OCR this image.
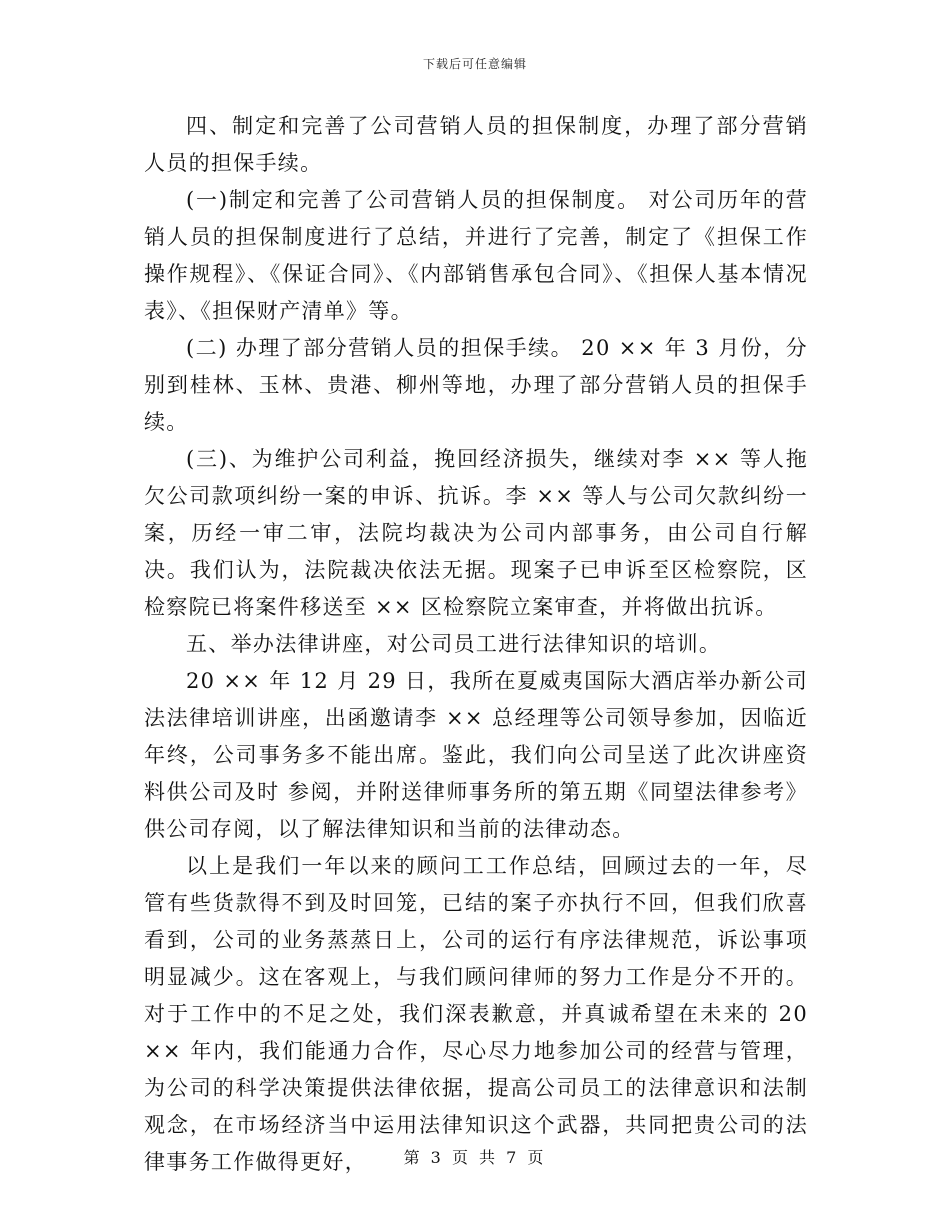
下载后可任意编辑

四、制定和完善了公司营销人员的担保制度，办理了部分营销人员的担保手续。

(一)制定和完善了公司营销人员的担保制度。 对公司历年的营销人员的担保制度进行了总结，并进行了完善，制定了《担保工作操作规程》、《保证合同》、《内部销售承包合同》、《担保人基本情况表》、《担保财产清单》等。

(二) 办理了部分营销人员的担保手续。 20 ×× 年 3 月份，分别到桂林、玉林、贵港、柳州等地，办理了部分营销人员的担保手续。

(三)、为维护公司利益，挽回经济损失，继续对李 ×× 等人拖欠公司款项纠纷一案的申诉、抗诉。李 ×× 等人与公司欠款纠纷一案，历经一审二审，法院均裁决为公司内部事务，由公司自行解决。我们认为，法院裁决依法无据。现案子已申诉至区检察院，区检察院已将案件移送至 ×× 区检察院立案审查，并将做出抗诉。

五、举办法律讲座，对公司员工进行法律知识的培训。

20 ×× 年 12 月 29 日，我所在夏威夷国际大酒店举办新公司法法律培训讲座，出函邀请李 ×× 总经理等公司领导参加，因临近年终，公司事务多不能出席。鉴此，我们向公司呈送了此次讲座资料供公司及时 参阅，并附送律师事务所的第五期《同望法律参考》供公司存阅，以了解法律知识和当前的法律动态。

以上是我们一年以来的顾问工工作总结，回顾过去的一年，尽管有些货款得不到及时回笼，已结的案子亦执行不回，但我们欣喜看到，公司的业务蒸蒸日上，公司的运行有序法律规范，诉讼事项明显减少。这在客观上，与我们顾问律师的努力工作是分不开的。对于工作中的不足之处，我们深表歉意，并真诚希望在未来的 20 ×× 年内，我们能通力合作，尽心尽力地参加公司的经营与管理，为公司的科学决策提供法律依据，提高公司员工的法律意识和法制观念，在市场经济当中运用法律知识这个武器，共同把贵公司的法律事务工作做得更好，	第 3 页 共 7 页
